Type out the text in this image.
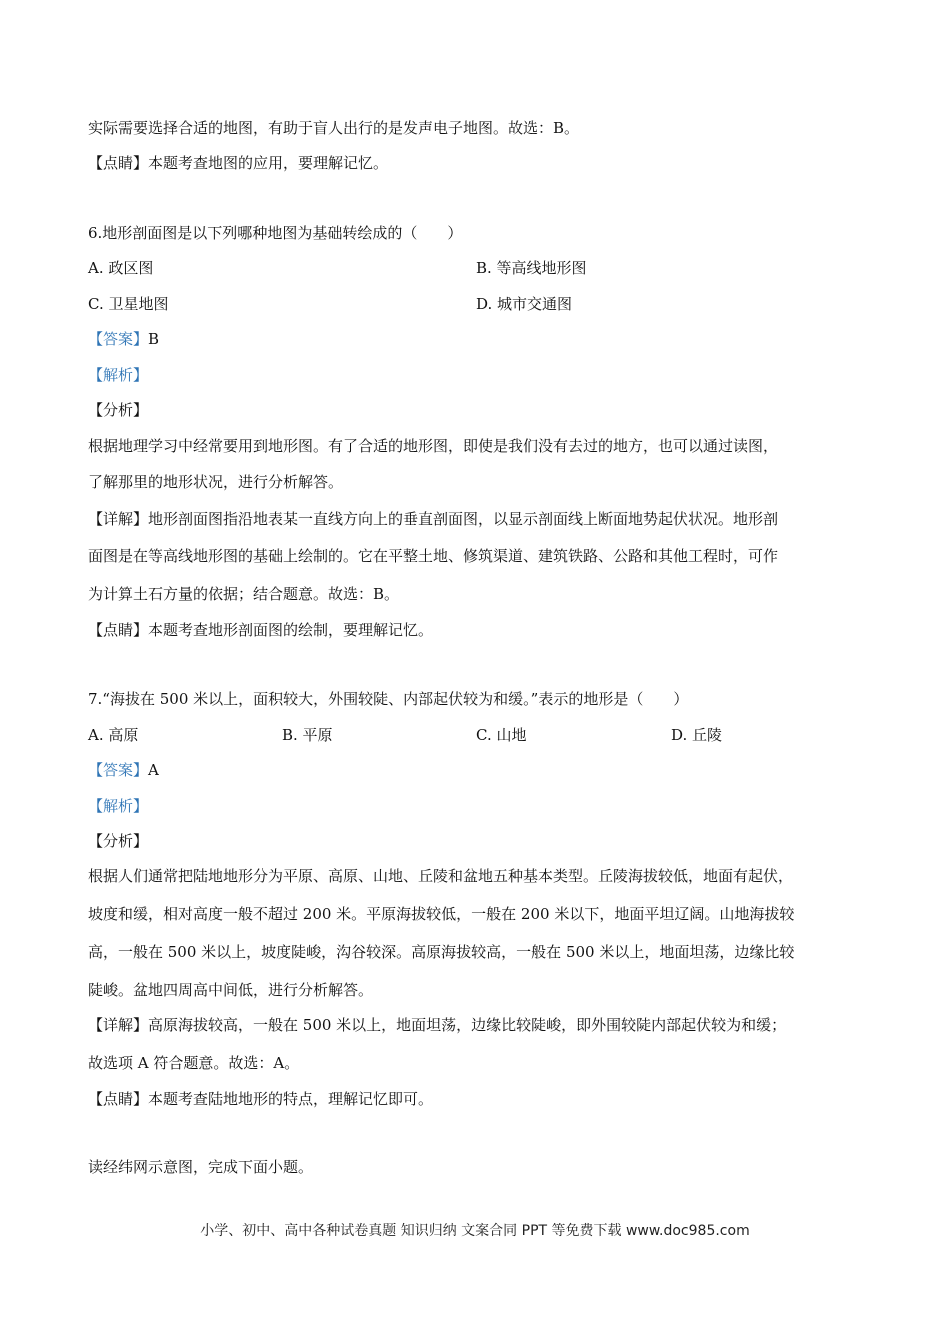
实际需要选择合适的地图，有助于盲人出行的是发声电子地图。故选：B。
【点睛】本题考查地图的应用，要理解记忆。
6.地形剖面图是以下列哪种地图为基础转绘成的（　　）
A. 政区图	B. 等高线地形图
C. 卫星地图	D. 城市交通图
【答案】B
【解析】
【分析】
根据地理学习中经常要用到地形图。有了合适的地形图，即使是我们没有去过的地方，也可以通过读图，
了解那里的地形状况，进行分析解答。
【详解】地形剖面图指沿地表某一直线方向上的垂直剖面图，以显示剖面线上断面地势起伏状况。地形剖
面图是在等高线地形图的基础上绘制的。它在平整土地、修筑渠道、建筑铁路、公路和其他工程时，可作
为计算土石方量的依据；结合题意。故选：B。
【点睛】本题考查地形剖面图的绘制，要理解记忆。
7.“海拔在 500 米以上，面积较大，外围较陡、内部起伏较为和缓。”表示的地形是（　　）
A. 高原	B. 平原	C. 山地	D. 丘陵
【答案】A
【解析】
【分析】
根据人们通常把陆地地形分为平原、高原、山地、丘陵和盆地五种基本类型。丘陵海拔较低，地面有起伏，
坡度和缓，相对高度一般不超过 200 米。平原海拔较低，一般在 200 米以下，地面平坦辽阔。山地海拔较
高，一般在 500 米以上，坡度陡峻，沟谷较深。高原海拔较高，一般在 500 米以上，地面坦荡，边缘比较
陡峻。盆地四周高中间低，进行分析解答。
【详解】高原海拔较高，一般在 500 米以上，地面坦荡，边缘比较陡峻，即外围较陡内部起伏较为和缓；
故选项 A 符合题意。故选：A。
【点睛】本题考查陆地地形的特点，理解记忆即可。
读经纬网示意图，完成下面小题。
小学、初中、高中各种试卷真题 知识归纳 文案合同 PPT 等免费下载 www.doc985.com
